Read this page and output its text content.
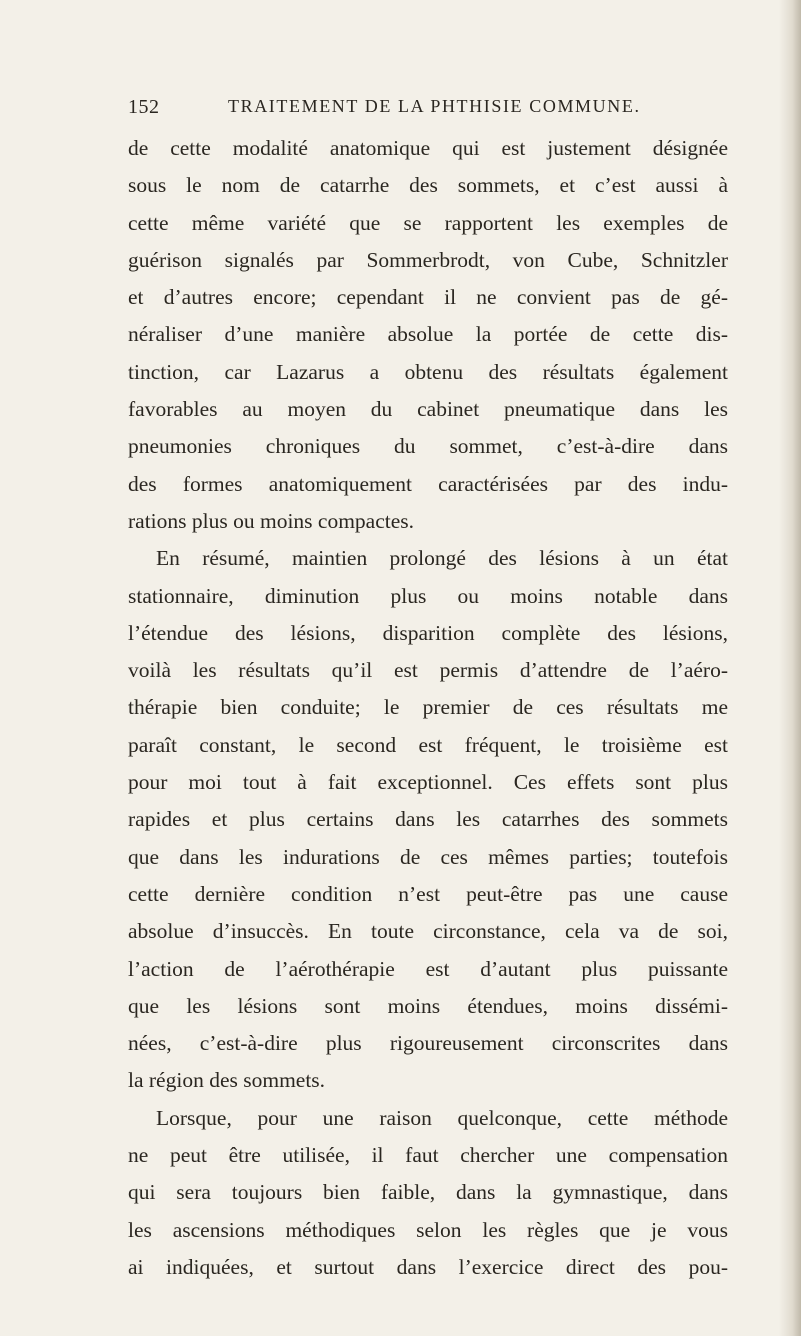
152	TRAITEMENT DE LA PHTHISIE COMMUNE.
de cette modalité anatomique qui est justement désignée
sous le nom de catarrhe des sommets, et c’est aussi à
cette même variété que se rapportent les exemples de
guérison signalés par Sommerbrodt, von Cube, Schnitzler
et d’autres encore; cependant il ne convient pas de gé-
néraliser d’une manière absolue la portée de cette dis-
tinction, car Lazarus a obtenu des résultats également
favorables au moyen du cabinet pneumatique dans les
pneumonies chroniques du sommet, c’est-à-dire dans
des formes anatomiquement caractérisées par des indu-
rations plus ou moins compactes.
En résumé, maintien prolongé des lésions à un état
stationnaire, diminution plus ou moins notable dans
l’étendue des lésions, disparition complète des lésions,
voilà les résultats qu’il est permis d’attendre de l’aéro-
thérapie bien conduite; le premier de ces résultats me
paraît constant, le second est fréquent, le troisième est
pour moi tout à fait exceptionnel. Ces effets sont plus
rapides et plus certains dans les catarrhes des sommets
que dans les indurations de ces mêmes parties; toutefois
cette dernière condition n’est peut-être pas une cause
absolue d’insuccès. En toute circonstance, cela va de soi,
l’action de l’aérothérapie est d’autant plus puissante
que les lésions sont moins étendues, moins dissémi-
nées, c’est-à-dire plus rigoureusement circonscrites dans
la région des sommets.
Lorsque, pour une raison quelconque, cette méthode
ne peut être utilisée, il faut chercher une compensation
qui sera toujours bien faible, dans la gymnastique, dans
les ascensions méthodiques selon les règles que je vous
ai indiquées, et surtout dans l’exercice direct des pou-
